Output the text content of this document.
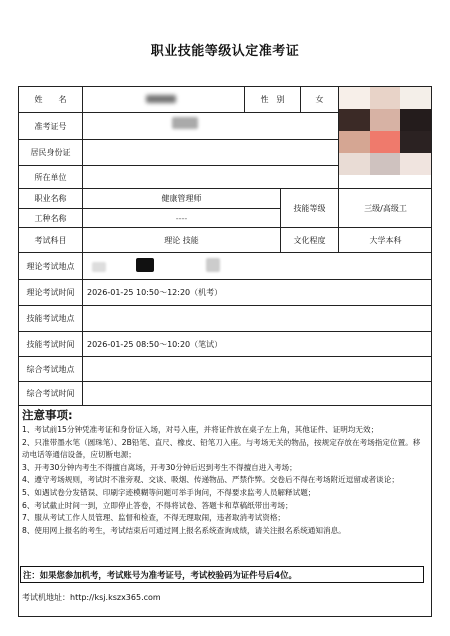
职业技能等级认定准考证
姓　　名	性　别	女
准考证号
居民身份证
所在单位
职业名称	健康管理师
工种名称	----
技能等级	三级/高级工
考试科目	理论 技能	文化程度	大学本科
理论考试地点
理论考试时间	2026-01-25 10:50～12:20（机考）
技能考试地点
技能考试时间	2026-01-25 08:50～10:20（笔试）
综合考试地点
综合考试时间
注意事项:

1、考试前15分钟凭准考证和身份证入场，对号入座，并将证件放在桌子左上角，其他证件、证明均无效；

2、只准带墨水笔（圆珠笔）、2B铅笔、直尺、橡皮、铅笔刀入座。与考场无关的物品，按规定存放在考场指定位置。移动电话等通信设备，应切断电源；

3、开考30分钟内考生不得擅自离场，开考30分钟后迟到考生不得擅自进入考场；

4、遵守考场规则，考试时不准旁观、交谈、吸烟、传递物品、严禁作弊。交卷后不得在考场附近逗留或者谈论；

5、如遇试卷分发错误、印刷字迹模糊等问题可举手询问，不得要求监考人员解释试题；

6、考试截止时间一到，立即停止答卷，不得将试卷、答题卡和草稿纸带出考场；

7、服从考试工作人员管理、监督和检查，不得无理取闹，违者取消考试资格；

8、使用网上报名的考生，考试结束后可通过网上报名系统查询成绩，请关注报名系统通知消息。

注：如果您参加机考，考试账号为准考证号，考试校验码为证件号后4位。
考试机地址：http://ksj.kszx365.com
